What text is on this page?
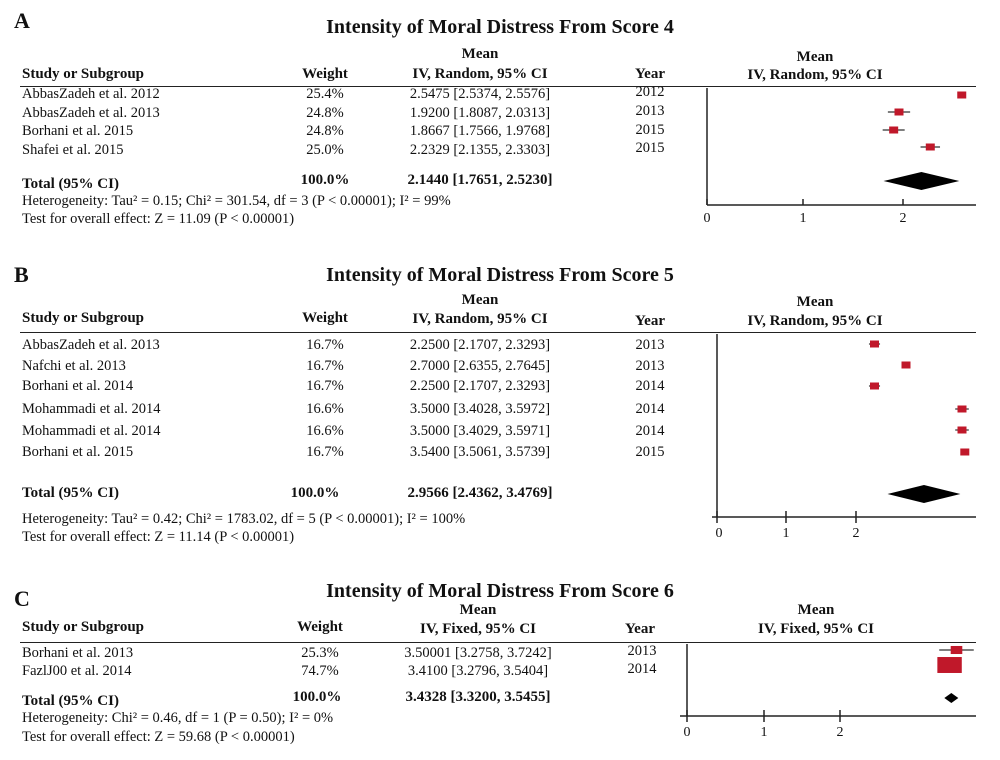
A	Intensity of Moral Distress From Score 4
Study or Subgroup	Weight
Mean
IV, Random, 95% CI	Year
Mean
IV, Random, 95% CI
AbbasZadeh et al. 2012	25.4%	2.5475 [2.5374, 2.5576]	2012
AbbasZadeh et al. 2013	24.8%	1.9200 [1.8087, 2.0313]	2013
Borhani et al. 2015	24.8%	1.8667 [1.7566, 1.9768]	2015
Shafei et al. 2015	25.0%	2.2329 [2.1355, 2.3303]	2015
Total (95% CI)	100.0%	2.1440 [1.7651, 2.5230]
Heterogeneity: Tau² = 0.15; Chi² = 301.54, df = 3 (P < 0.00001); I² = 99%
Test for overall effect: Z = 11.09 (P < 0.00001)	0	1	2
B	Intensity of Moral Distress From Score 5
Study or Subgroup	Weight
Mean
IV, Random, 95% CI	Year
Mean
IV, Random, 95% CI
AbbasZadeh et al. 2013	16.7%	2.2500 [2.1707, 2.3293]	2013
Nafchi et al. 2013	16.7%	2.7000 [2.6355, 2.7645]	2013
Borhani et al. 2014	16.7%	2.2500 [2.1707, 2.3293]	2014
Mohammadi et al. 2014	16.6%	3.5000 [3.4028, 3.5972]	2014
Mohammadi et al. 2014	16.6%	3.5000 [3.4029, 3.5971]	2014
Borhani et al. 2015	16.7%	3.5400 [3.5061, 3.5739]	2015
Total (95% CI)	100.0%	2.9566 [2.4362, 3.4769]
Heterogeneity: Tau² = 0.42; Chi² = 1783.02, df = 5 (P < 0.00001); I² = 100%
Test for overall effect: Z = 11.14 (P < 0.00001)	0	1	2
C	Intensity of Moral Distress From Score 6
Study or Subgroup	Weight
Mean
IV, Fixed, 95% CI	Year
Mean
IV, Fixed, 95% CI
Borhani et al. 2013	25.3%	3.50001 [3.2758, 3.7242]	2013
FazlJ00 et al. 2014	74.7%	3.4100 [3.2796, 3.5404]	2014
Total (95% CI)	100.0%	3.4328 [3.3200, 3.5455]
Heterogeneity: Chi² = 0.46, df = 1 (P = 0.50); I² = 0%
Test for overall effect: Z = 59.68 (P < 0.00001)	0	1	2
